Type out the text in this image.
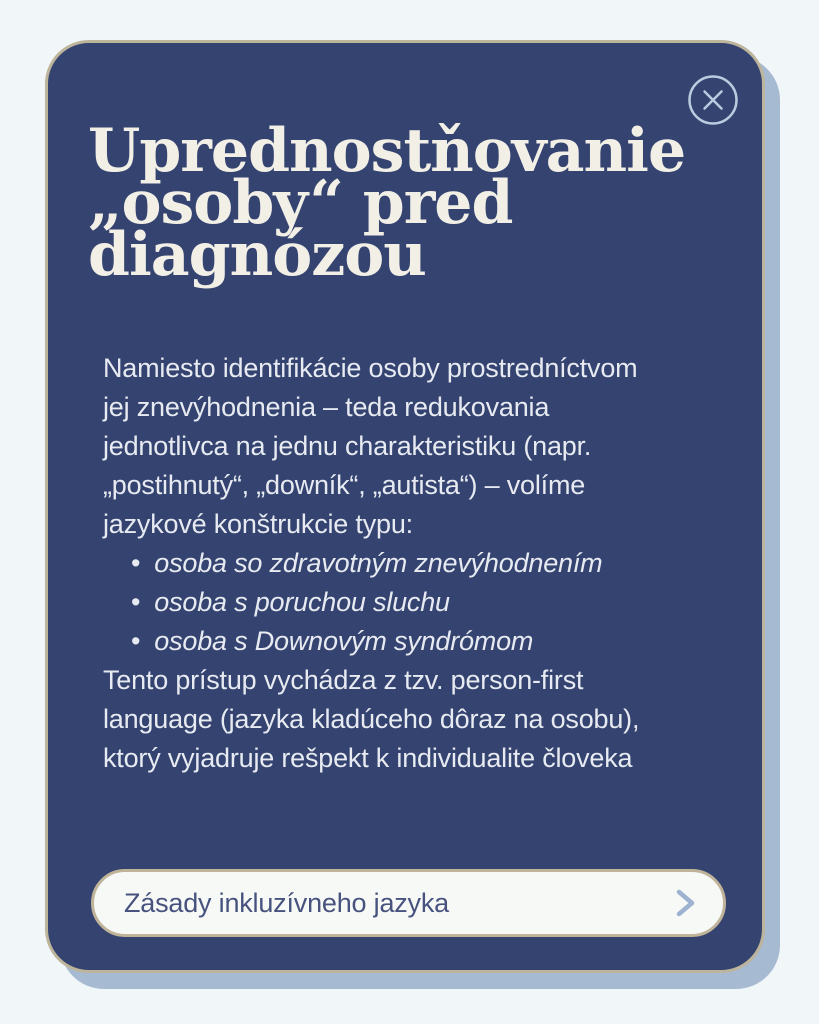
Uprednostňovanie
„osoby“ pred
diagnózou
Namiesto identifikácie osoby prostredníctvom
jej znevýhodnenia – teda redukovania
jednotlivca na jednu charakteristiku (napr.
„postihnutý“, „downík“, „autista“) – volíme
jazykové konštrukcie typu:
• osoba so zdravotným znevýhodnením
• osoba s poruchou sluchu
• osoba s Downovým syndrómom
Tento prístup vychádza z tzv. person-first
language (jazyka kladúceho dôraz na osobu),
ktorý vyjadruje rešpekt k individualite človeka
Zásady inkluzívneho jazyka
